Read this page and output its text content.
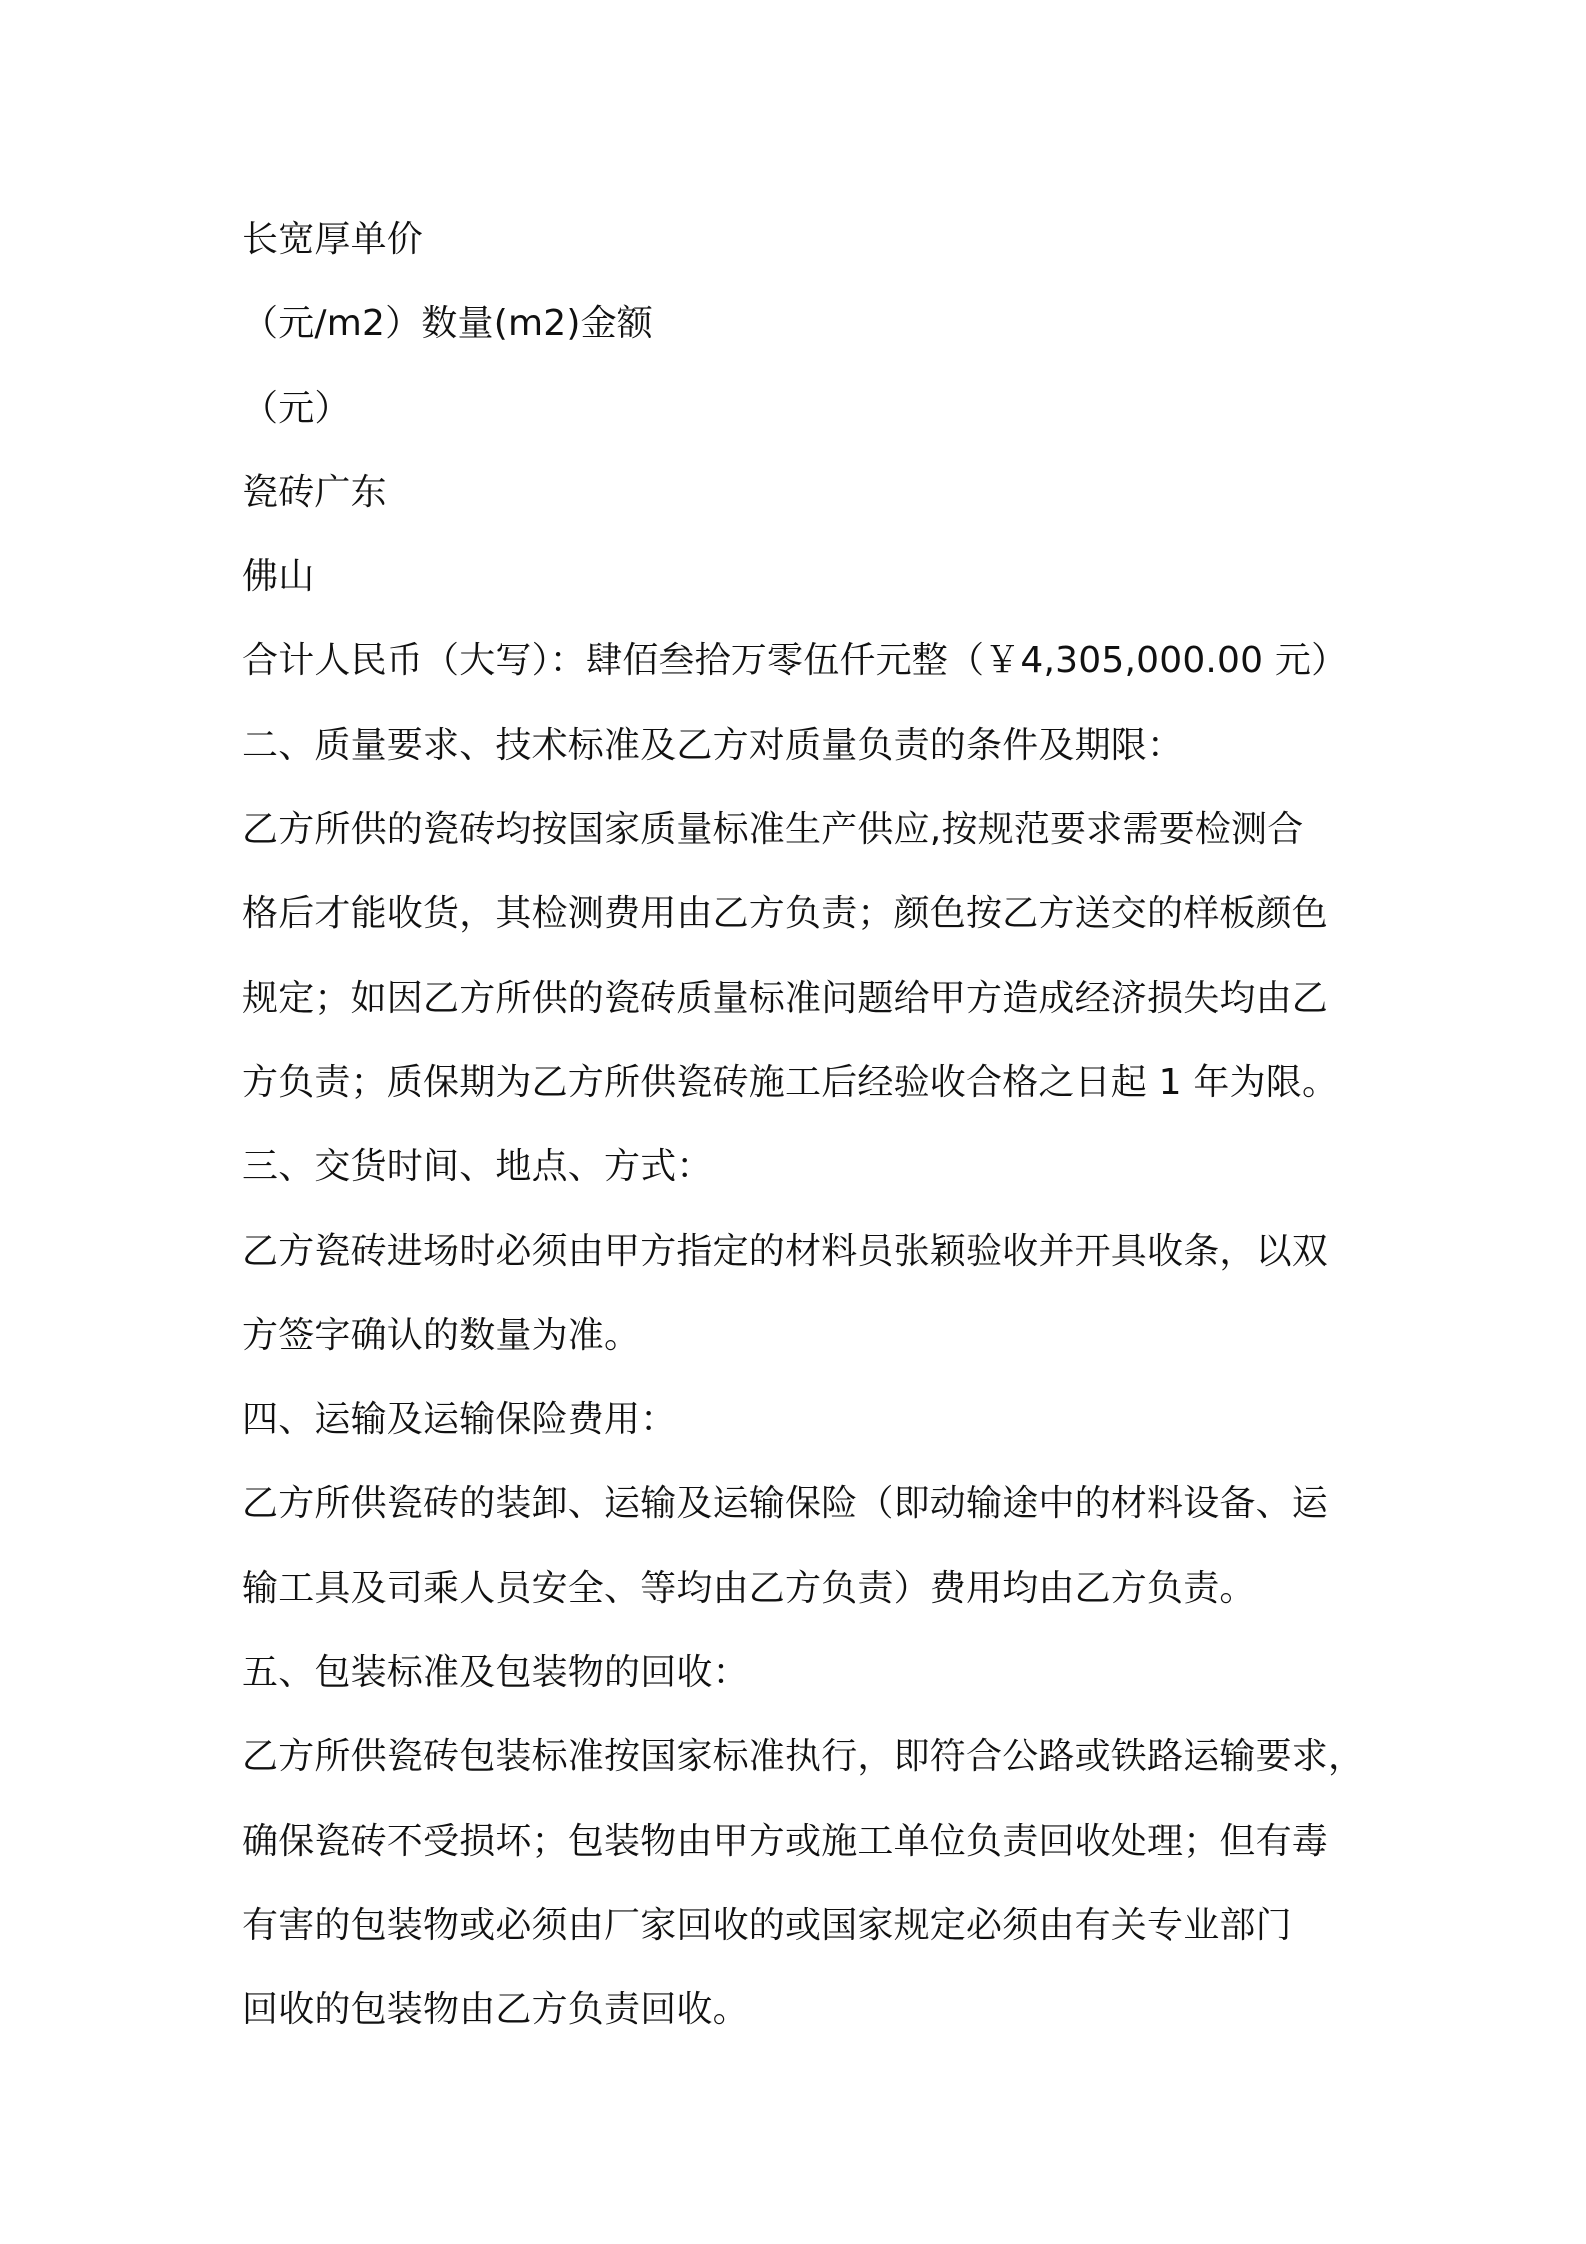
长宽厚单价
（元/m2）数量(m2)金额
（元）
瓷砖广东
佛山
合计人民币（大写）：肆佰叁拾万零伍仟元整（￥4,305,000.00 元）
二、质量要求、技术标准及乙方对质量负责的条件及期限：
乙方所供的瓷砖均按国家质量标准生产供应,按规范要求需要检测合
格后才能收货，其检测费用由乙方负责；颜色按乙方送交的样板颜色
规定；如因乙方所供的瓷砖质量标准问题给甲方造成经济损失均由乙
方负责；质保期为乙方所供瓷砖施工后经验收合格之日起 1 年为限。
三、交货时间、地点、方式：
乙方瓷砖进场时必须由甲方指定的材料员张颖验收并开具收条，以双
方签字确认的数量为准。
四、运输及运输保险费用：
乙方所供瓷砖的装卸、运输及运输保险（即动输途中的材料设备、运
输工具及司乘人员安全、等均由乙方负责）费用均由乙方负责。
五、包装标准及包装物的回收：
乙方所供瓷砖包装标准按国家标准执行，即符合公路或铁路运输要求，
确保瓷砖不受损坏；包装物由甲方或施工单位负责回收处理；但有毒
有害的包装物或必须由厂家回收的或国家规定必须由有关专业部门
回收的包装物由乙方负责回收。
